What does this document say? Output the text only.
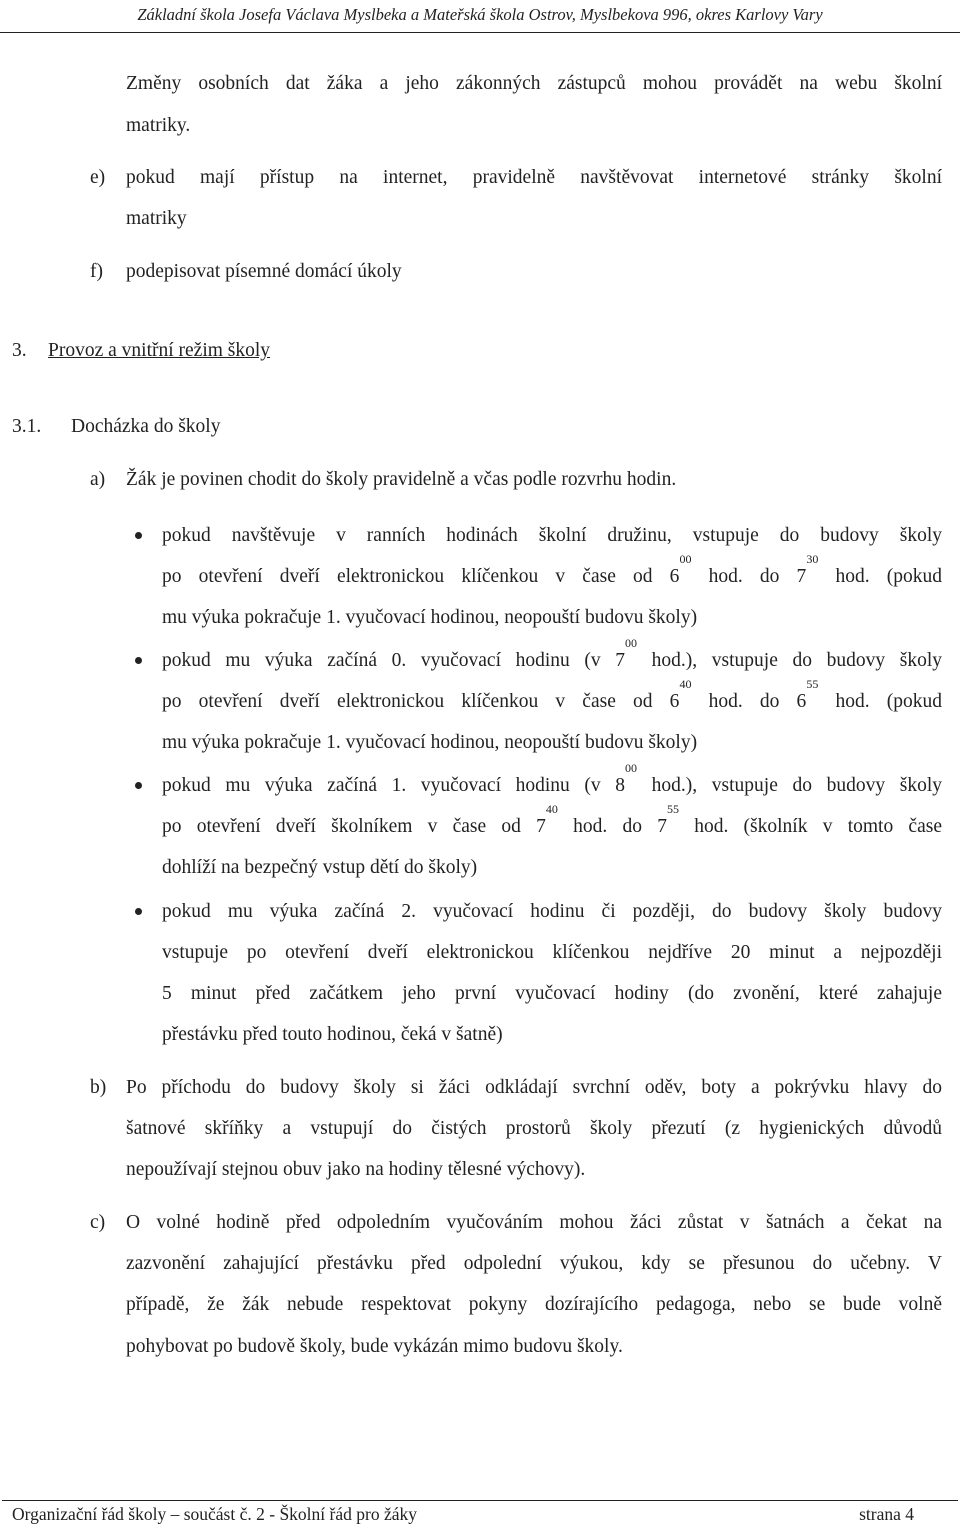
Základní škola Josefa Václava Myslbeka a Mateřská škola Ostrov, Myslbekova 996, okres Karlovy Vary
Změny osobních dat žáka a jeho zákonných zástupců mohou provádět na webu školní
matriky.
e) pokud mají přístup na internet, pravidelně navštěvovat internetové stránky školní
matriky
f) podepisovat písemné domácí úkoly
3. Provoz a vnitřní režim školy
3.1. Docházka do školy
a) Žák je povinen chodit do školy pravidelně a včas podle rozvrhu hodin.
pokud navštěvuje v ranních hodinách školní družinu, vstupuje do budovy školy
po otevření dveří elektronickou klíčenkou v čase od $6^{00}$ hod. do $7^{30}$ hod. (pokud
mu výuka pokračuje 1. vyučovací hodinou, neopouští budovu školy)
pokud mu výuka začíná 0. vyučovací hodinu (v $7^{00}$ hod.), vstupuje do budovy školy
po otevření dveří elektronickou klíčenkou v čase od $6^{40}$ hod. do $6^{55}$ hod. (pokud
mu výuka pokračuje 1. vyučovací hodinou, neopouští budovu školy)
pokud mu výuka začíná 1. vyučovací hodinu (v $8^{00}$ hod.), vstupuje do budovy školy
po otevření dveří školníkem v čase od $7^{40}$ hod. do $7^{55}$ hod. (školník v tomto čase
dohlíží na bezpečný vstup dětí do školy)
pokud mu výuka začíná 2. vyučovací hodinu či později, do budovy školy budovy
vstupuje po otevření dveří elektronickou klíčenkou nejdříve 20 minut a nejpozději
5 minut před začátkem jeho první vyučovací hodiny (do zvonění, které zahajuje
přestávku před touto hodinou, čeká v šatně)
b) Po příchodu do budovy školy si žáci odkládají svrchní oděv, boty a pokrývku hlavy do
šatnové skříňky a vstupují do čistých prostorů školy přezutí (z hygienických důvodů
nepoužívají stejnou obuv jako na hodiny tělesné výchovy).
c) O volné hodině před odpoledním vyučováním mohou žáci zůstat v šatnách a čekat na
zazvonění zahajující přestávku před odpolední výukou, kdy se přesunou do učebny. V
případě, že žák nebude respektovat pokyny dozírajícího pedagoga, nebo se bude volně
pohybovat po budově školy, bude vykázán mimo budovu školy.
Organizační řád školy – součást č. 2 - Školní řád pro žáky	strana 4
